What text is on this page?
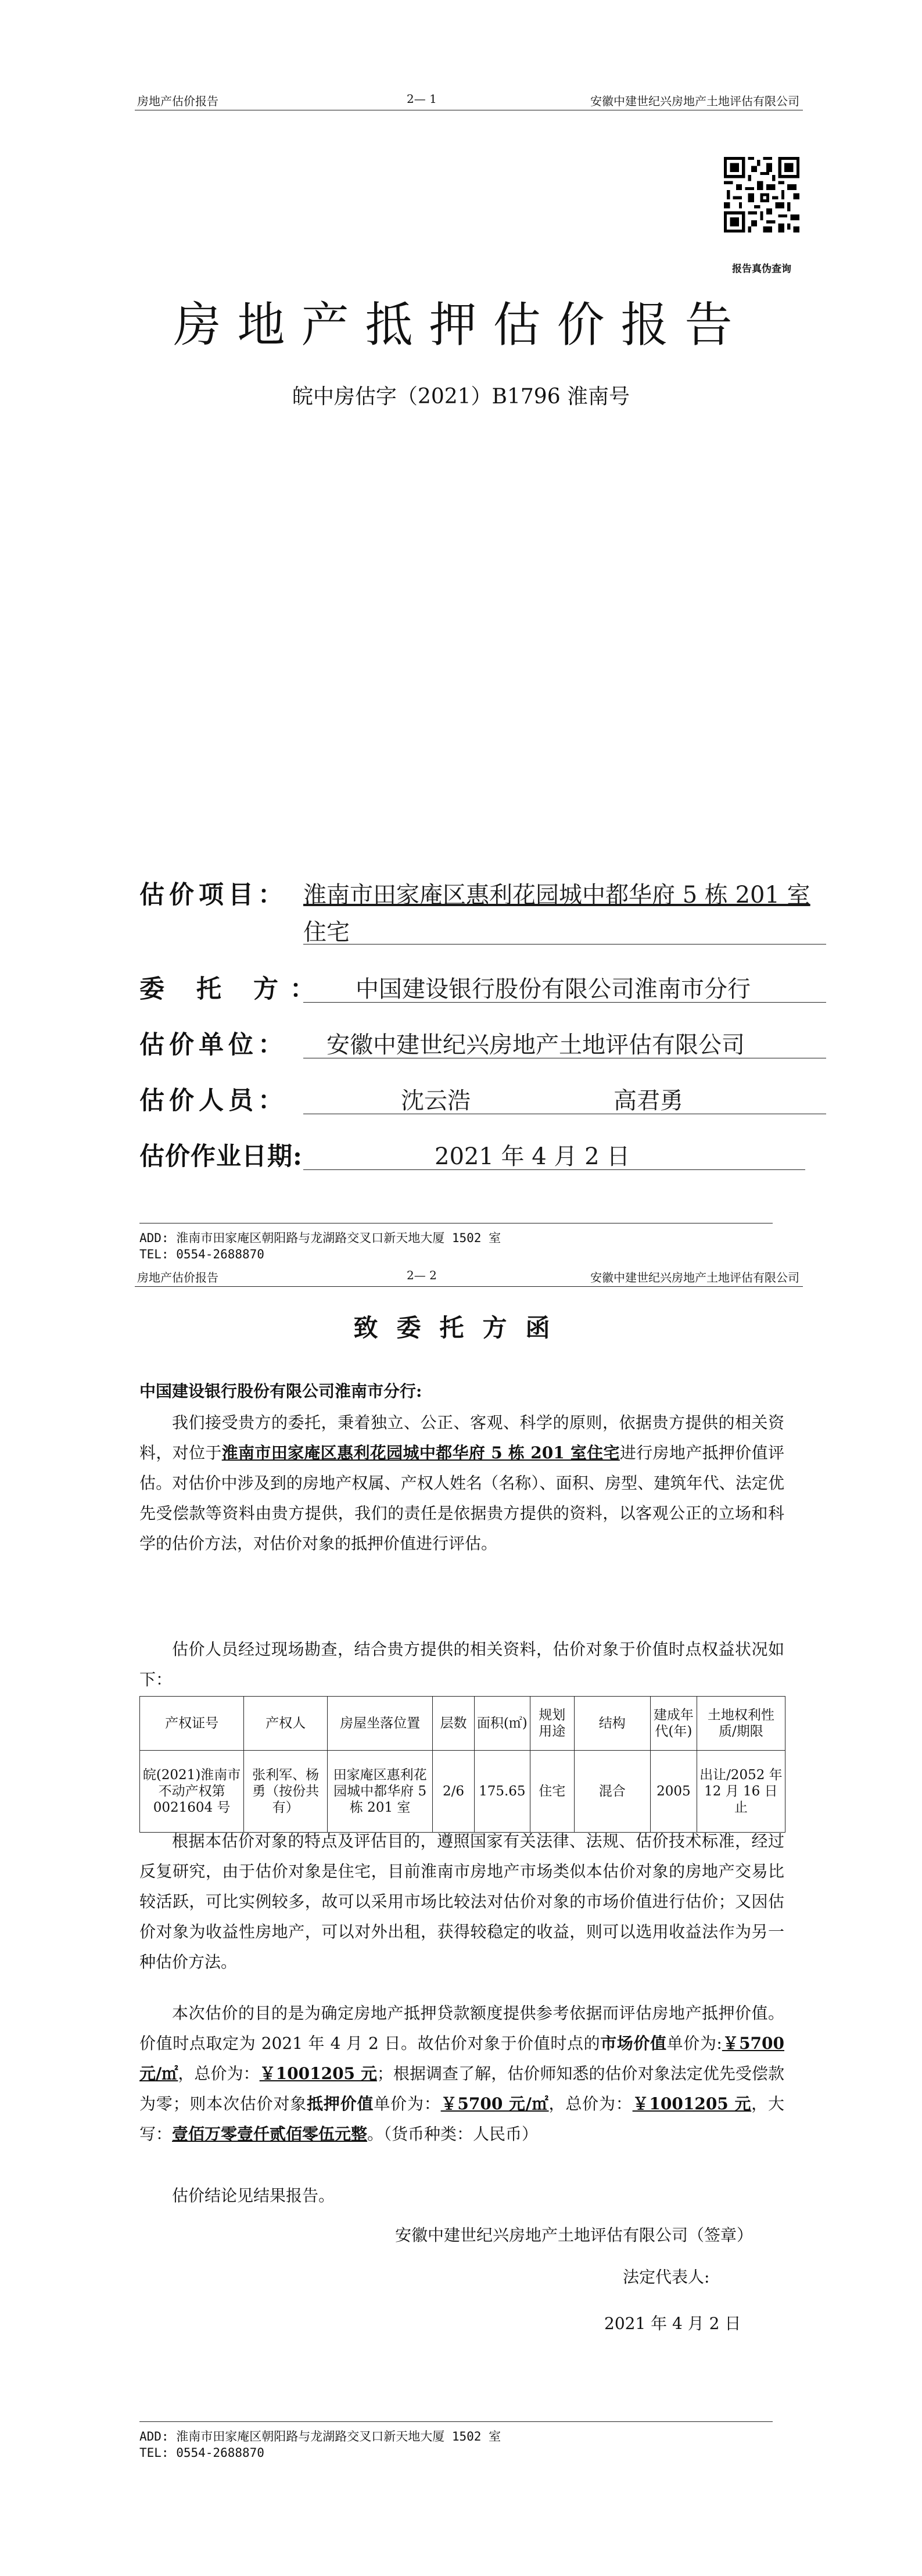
房地产估价报告	2— 1	安徽中建世纪兴房地产土地评估有限公司
报告真伪查询
房地产抵押估价报告
皖中房估字（2021）B1796 淮南号
估价项目： 淮南市田家庵区惠利花园城中都华府 5 栋 201 室
住宅
委 托 方： 中国建设银行股份有限公司淮南市分行
估价单位： 安徽中建世纪兴房地产土地评估有限公司
估价人员：	沈云浩	高君勇
估价作业日期:	2021 年 4 月 2 日
ADD: 淮南市田家庵区朝阳路与龙湖路交叉口新天地大厦 1502 室
TEL: 0554-2688870
房地产估价报告	2— 2	安徽中建世纪兴房地产土地评估有限公司
致委托方函
中国建设银行股份有限公司淮南市分行:
我们接受贵方的委托，秉着独立、公正、客观、科学的原则，依据贵方提供的相关资料，对位于淮南市田家庵区惠利花园城中都华府 5 栋 201 室住宅进行房地产抵押价值评估。对估价中涉及到的房地产权属、产权人姓名（名称）、面积、房型、建筑年代、法定优先受偿款等资料由贵方提供，我们的责任是依据贵方提供的资料，以客观公正的立场和科学的估价方法，对估价对象的抵押价值进行评估。
估价人员经过现场勘查，结合贵方提供的相关资料，估价对象于价值时点权益状况如下：
产权证号	产权人	房屋坐落位置	层数	面积(㎡)	规划用途	结构	建成年代(年)	土地权利性质/期限
皖(2021)淮南市不动产权第 0021604 号	张利军、杨勇（按份共有）	田家庵区惠利花园城中都华府 5 栋 201 室	2/6	175.65	住宅	混合	2005	出让/2052 年 12 月 16 日止
根据本估价对象的特点及评估目的，遵照国家有关法律、法规、估价技术标准，经过反复研究，由于估价对象是住宅，目前淮南市房地产市场类似本估价对象的房地产交易比较活跃，可比实例较多，故可以采用市场比较法对估价对象的市场价值进行估价；又因估价对象为收益性房地产，可以对外出租，获得较稳定的收益，则可以选用收益法作为另一种估价方法。
本次估价的目的是为确定房地产抵押贷款额度提供参考依据而评估房地产抵押价值。价值时点取定为 2021 年 4 月 2 日。故估价对象于价值时点的市场价值单价为:￥5700 元/㎡，总价为：￥1001205 元；根据调查了解，估价师知悉的估价对象法定优先受偿款为零；则本次估价对象抵押价值单价为：￥5700 元/㎡，总价为：￥1001205 元，大写：壹佰万零壹仟贰佰零伍元整。（货币种类：人民币）
估价结论见结果报告。
安徽中建世纪兴房地产土地评估有限公司（签章）
法定代表人:
2021 年 4 月 2 日
ADD: 淮南市田家庵区朝阳路与龙湖路交叉口新天地大厦 1502 室
TEL: 0554-2688870
